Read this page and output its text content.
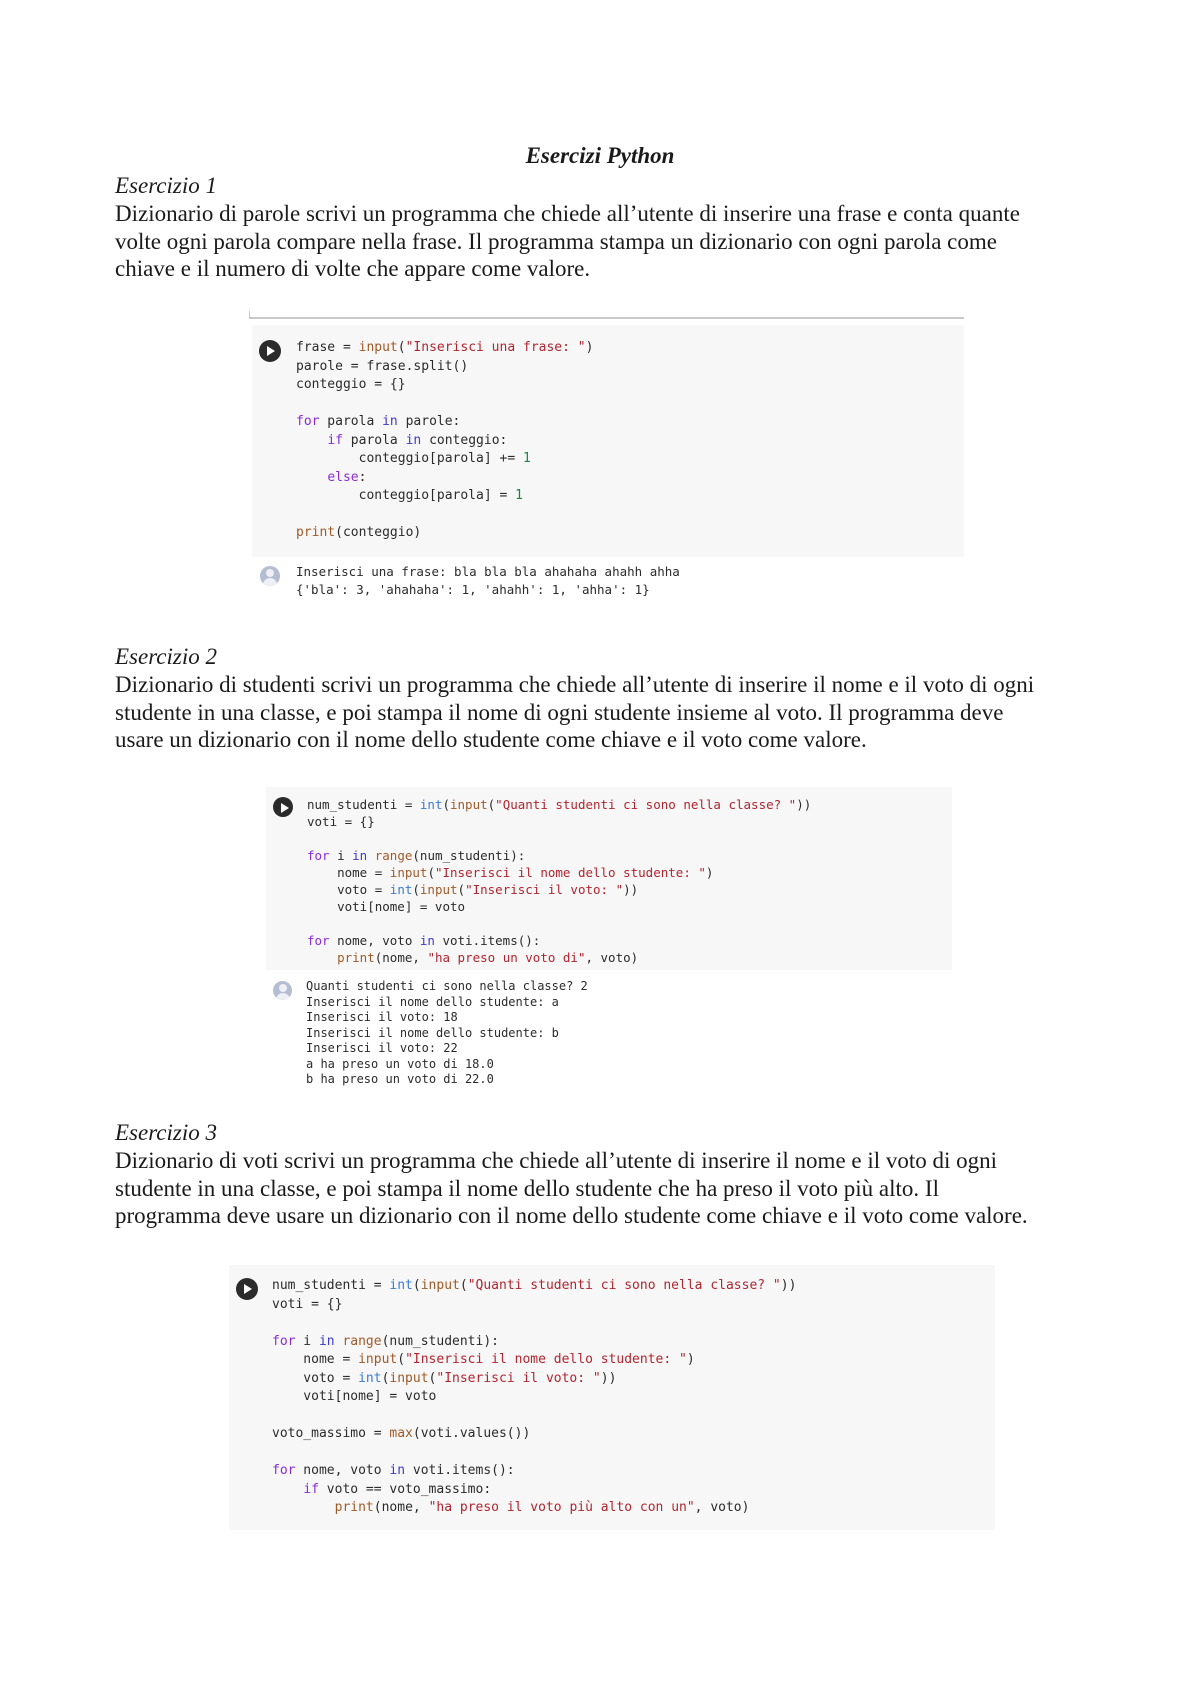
Esercizi Python
Esercizio 1
Dizionario di parole scrivi un programma che chiede all’utente di inserire una frase e conta quante
volte ogni parola compare nella frase. Il programma stampa un dizionario con ogni parola come
chiave e il numero di volte che appare come valore.
frase = input("Inserisci una frase: ")
parole = frase.split()
conteggio = {}
for parola in parole:
if parola in conteggio:
conteggio[parola] += 1
else:
conteggio[parola] = 1
print(conteggio)
Inserisci una frase: bla bla bla ahahaha ahahh ahha
{'bla': 3, 'ahahaha': 1, 'ahahh': 1, 'ahha': 1}
Esercizio 2
Dizionario di studenti scrivi un programma che chiede all’utente di inserire il nome e il voto di ogni
studente in una classe, e poi stampa il nome di ogni studente insieme al voto. Il programma deve
usare un dizionario con il nome dello studente come chiave e il voto come valore.
num_studenti = int(input("Quanti studenti ci sono nella classe? "))
voti = {}
for i in range(num_studenti):
nome = input("Inserisci il nome dello studente: ")
voto = int(input("Inserisci il voto: "))
voti[nome] = voto
for nome, voto in voti.items():
print(nome, "ha preso un voto di", voto)
Quanti studenti ci sono nella classe? 2
Inserisci il nome dello studente: a
Inserisci il voto: 18
Inserisci il nome dello studente: b
Inserisci il voto: 22
a ha preso un voto di 18.0
b ha preso un voto di 22.0
Esercizio 3
Dizionario di voti scrivi un programma che chiede all’utente di inserire il nome e il voto di ogni
studente in una classe, e poi stampa il nome dello studente che ha preso il voto più alto. Il
programma deve usare un dizionario con il nome dello studente come chiave e il voto come valore.
num_studenti = int(input("Quanti studenti ci sono nella classe? "))
voti = {}
for i in range(num_studenti):
nome = input("Inserisci il nome dello studente: ")
voto = int(input("Inserisci il voto: "))
voti[nome] = voto
voto_massimo = max(voti.values())
for nome, voto in voti.items():
if voto == voto_massimo:
print(nome, "ha preso il voto più alto con un", voto)
